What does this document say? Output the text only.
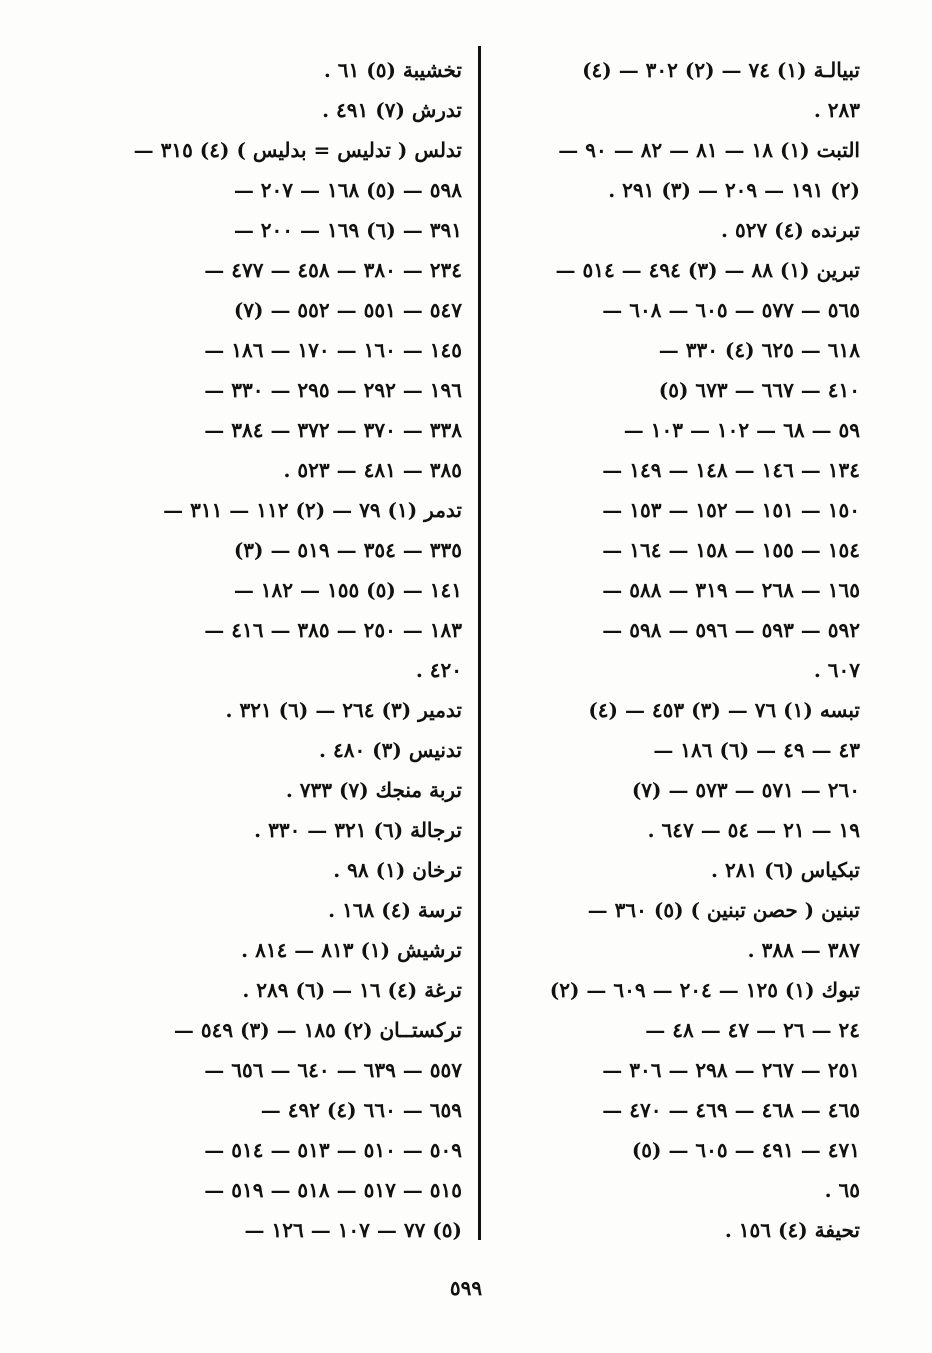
تبيالـة (١) ٧٤ — (٢) ٣٠٢ — (٤)
٢٨٣ .
التبت (١) ١٨ — ٨١ — ٨٢ — ٩٠ —
(٢) ١٩١ — ٢٠٩ — (٣) ٢٩١ .
تبرنده (٤) ٥٢٧ .
تبرين (١) ٨٨ — (٣) ٤٩٤ — ٥١٤ —
٥٦٥ — ٥٧٧ — ٦٠٥ — ٦٠٨ —
٦١٨ — ٦٢٥ (٤) ٣٣٠ —
٤١٠ — ٦٦٧ — ٦٧٣ (٥)
٥٩ — ٦٨ — ١٠٢ — ١٠٣ —
١٣٤ — ١٤٦ — ١٤٨ — ١٤٩ —
١٥٠ — ١٥١ — ١٥٢ — ١٥٣ —
١٥٤ — ١٥٥ — ١٥٨ — ١٦٤ —
١٦٥ — ٢٦٨ — ٣١٩ — ٥٨٨ —
٥٩٢ — ٥٩٣ — ٥٩٦ — ٥٩٨ —
٦٠٧ .
تبسه (١) ٧٦ — (٣) ٤٥٣ — (٤)
٤٣ — ٤٩ — (٦) ١٨٦ —
٢٦٠ — ٥٧١ — ٥٧٣ — (٧)
١٩ — ٢١ — ٥٤ — ٦٤٧ .
تبكياس (٦) ٢٨١ .
تبنين ( حصن تبنين ) (٥) ٣٦٠ —
٣٨٧ — ٣٨٨ .
تبوك (١) ١٢٥ — ٢٠٤ — ٦٠٩ — (٢)
٢٤ — ٢٦ — ٤٧ — ٤٨ —
٢٥١ — ٢٦٧ — ٢٩٨ — ٣٠٦ —
٤٦٥ — ٤٦٨ — ٤٦٩ — ٤٧٠ —
٤٧١ — ٤٩١ — ٦٠٥ — (٥)
٦٥ .
تحيفة (٤) ١٥٦ .
تخشيبة (٥) ٦١ .
تدرش (٧) ٤٩١ .
تدلس ( تدليس = بدليس ) (٤) ٣١٥ —
٥٩٨ — (٥) ١٦٨ — ٢٠٧ —
٣٩١ — (٦) ١٦٩ — ٢٠٠ —
٢٣٤ — ٣٨٠ — ٤٥٨ — ٤٧٧ —
٥٤٧ — ٥٥١ — ٥٥٢ — (٧)
١٤٥ — ١٦٠ — ١٧٠ — ١٨٦ —
١٩٦ — ٢٩٢ — ٢٩٥ — ٣٣٠ —
٣٣٨ — ٣٧٠ — ٣٧٢ — ٣٨٤ —
٣٨٥ — ٤٨١ — ٥٢٣ .
تدمر (١) ٧٩ — (٢) ١١٢ — ٣١١ —
٣٣٥ — ٣٥٤ — ٥١٩ — (٣)
١٤١ — (٥) ١٥٥ — ١٨٢ —
١٨٣ — ٢٥٠ — ٣٨٥ — ٤١٦ —
٤٢٠ .
تدمير (٣) ٢٦٤ — (٦) ٣٢١ .
تدنيس (٣) ٤٨٠ .
تربة منجك (٧) ٧٣٣ .
ترجالة (٦) ٣٢١ — ٣٣٠ .
ترخان (١) ٩٨ .
ترسة (٤) ١٦٨ .
ترشيش (١) ٨١٣ — ٨١٤ .
ترغة (٤) ١٦ — (٦) ٢٨٩ .
تركستــان (٢) ١٨٥ — (٣) ٥٤٩ —
٥٥٧ — ٦٣٩ — ٦٤٠ — ٦٥٦ —
٦٥٩ — ٦٦٠ (٤) ٤٩٢ —
٥٠٩ — ٥١٠ — ٥١٣ — ٥١٤ —
٥١٥ — ٥١٧ — ٥١٨ — ٥١٩ —
(٥) ٧٧ — ١٠٧ — ١٢٦ —
٥٩٩
